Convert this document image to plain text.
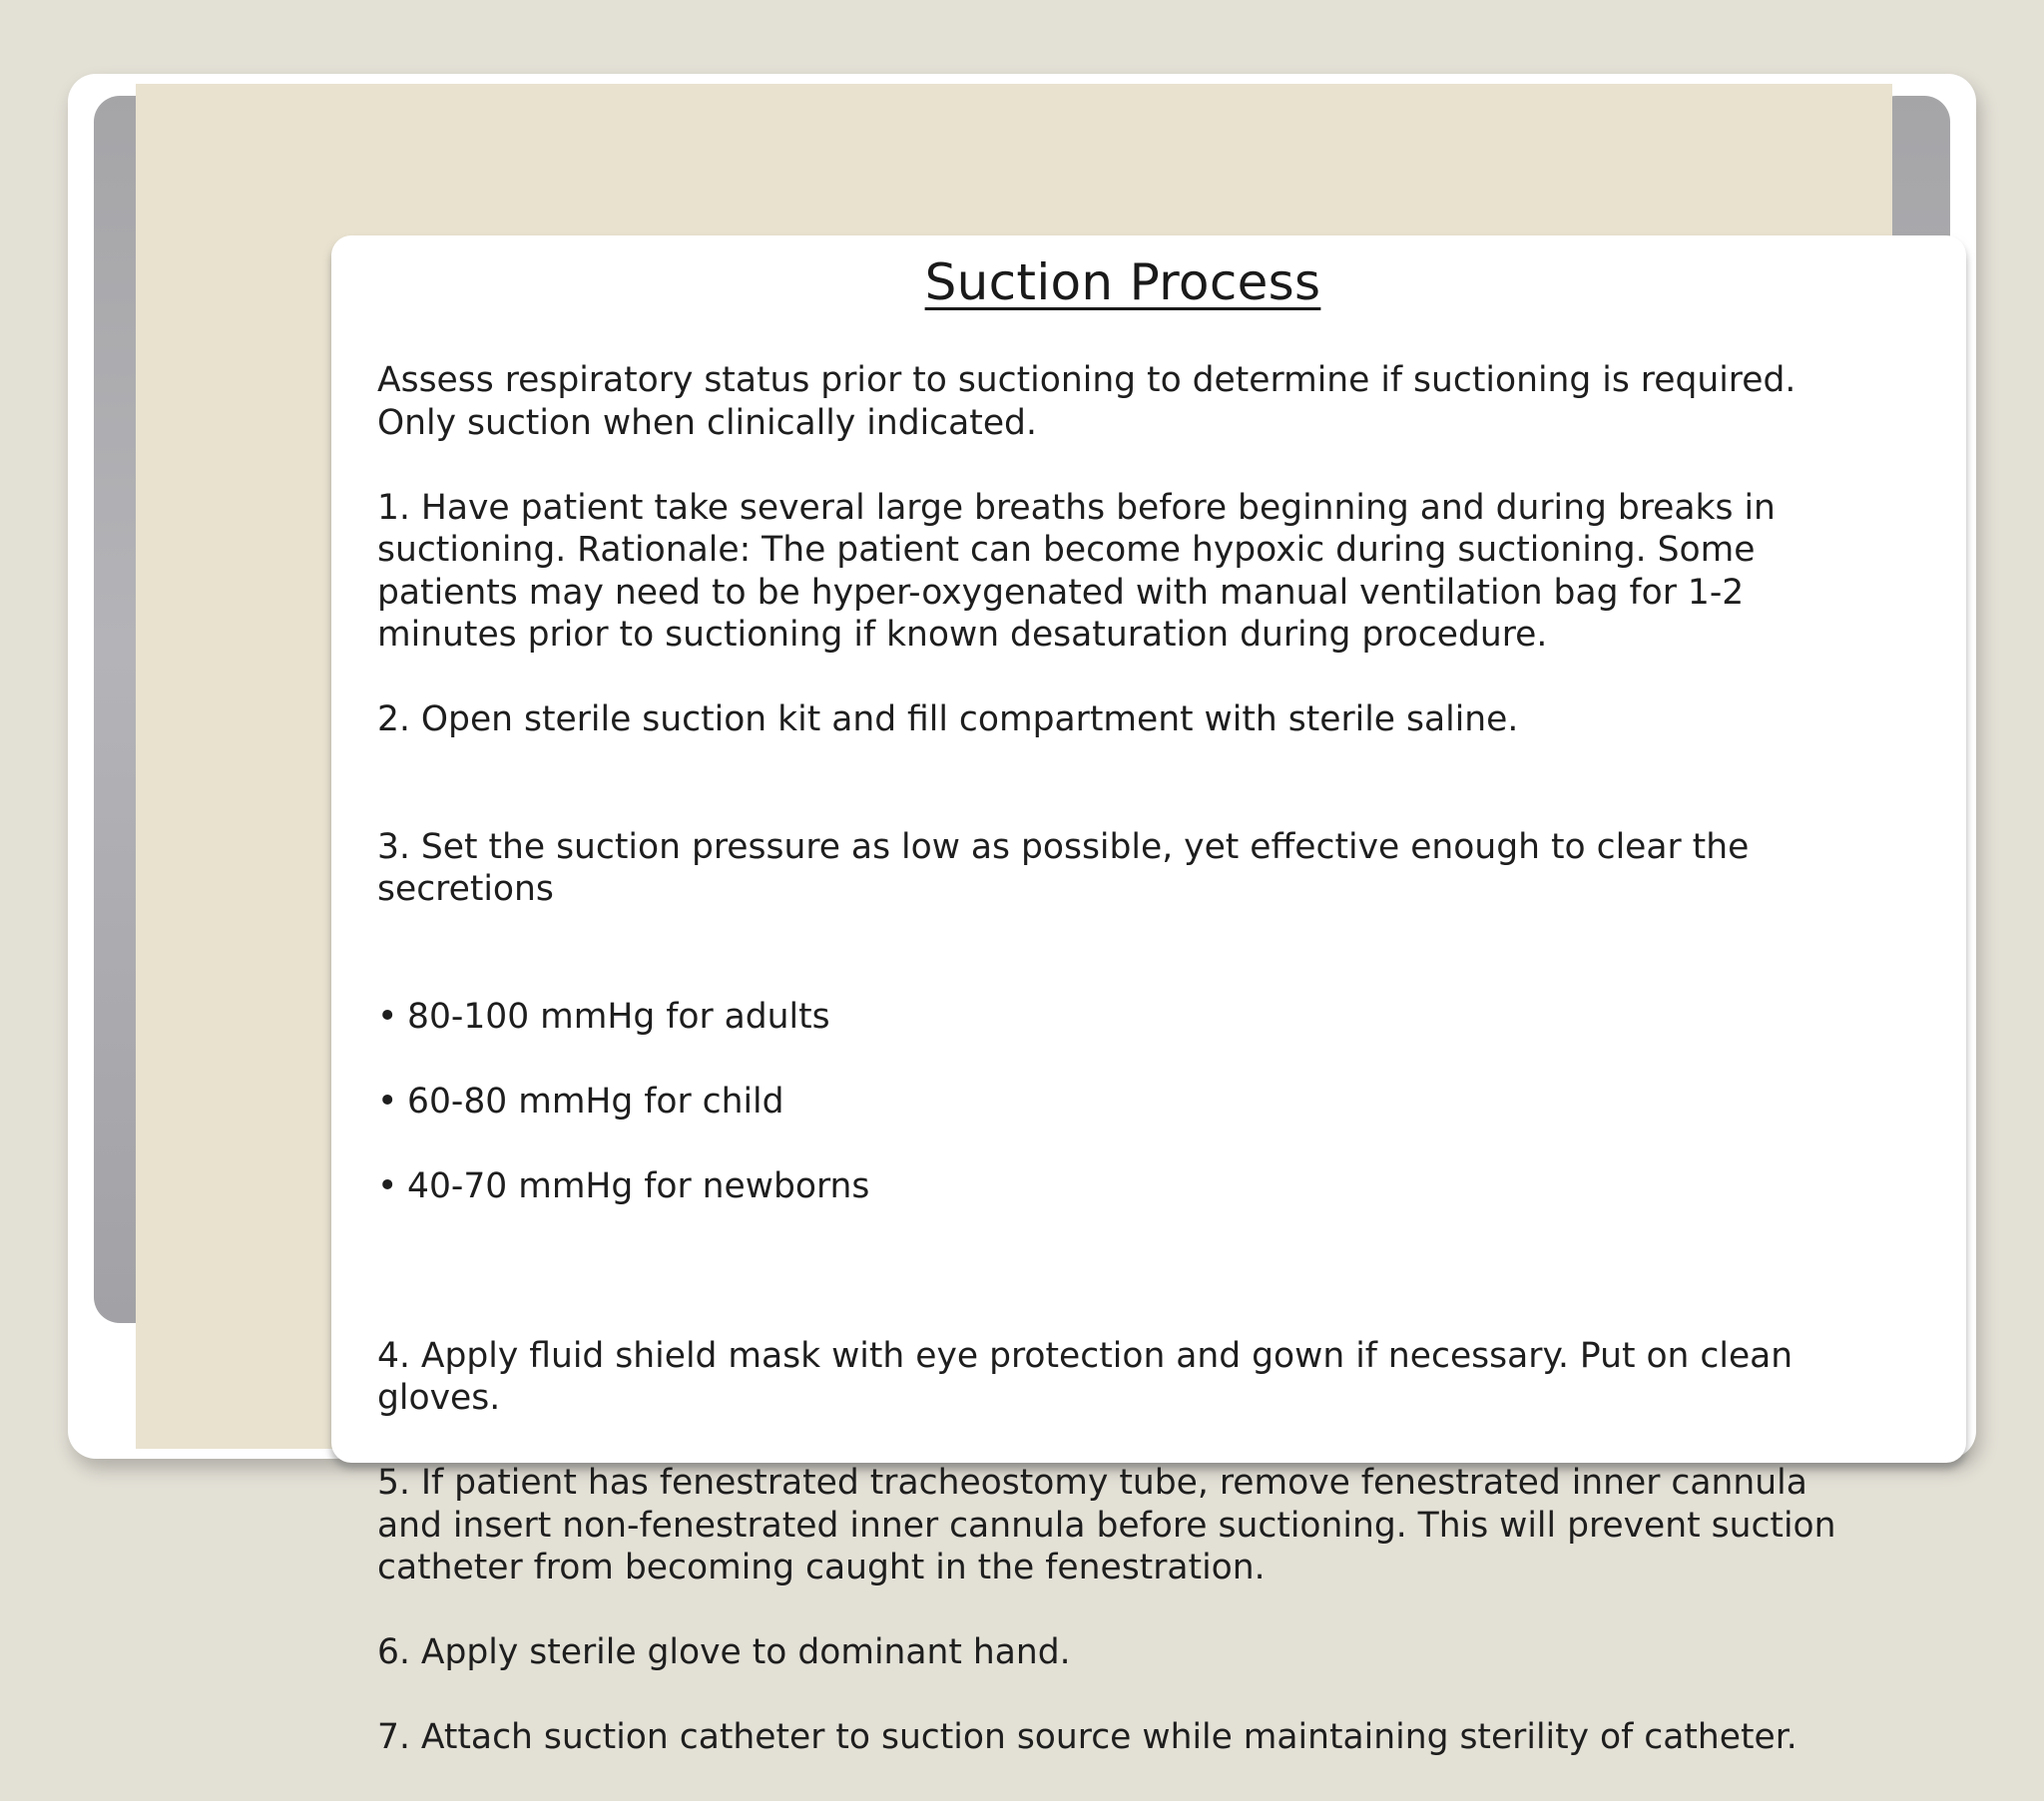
Suction Process

Assess respiratory status prior to suctioning to determine if suctioning is required.
Only suction when clinically indicated.

1. Have patient take several large breaths before beginning and during breaks in
suctioning. Rationale: The patient can become hypoxic during suctioning. Some
patients may need to be hyper-oxygenated with manual ventilation bag for 1-2
minutes prior to suctioning if known desaturation during procedure.

2. Open sterile suction kit and fill compartment with sterile saline.

3. Set the suction pressure as low as possible, yet effective enough to clear the
secretions

• 80-100 mmHg for adults

• 60-80 mmHg for child

• 40-70 mmHg for newborns

4. Apply fluid shield mask with eye protection and gown if necessary. Put on clean
gloves.

5. If patient has fenestrated tracheostomy tube, remove fenestrated inner cannula
and insert non-fenestrated inner cannula before suctioning. This will prevent suction
catheter from becoming caught in the fenestration.

6. Apply sterile glove to dominant hand.

7. Attach suction catheter to suction source while maintaining sterility of catheter.
